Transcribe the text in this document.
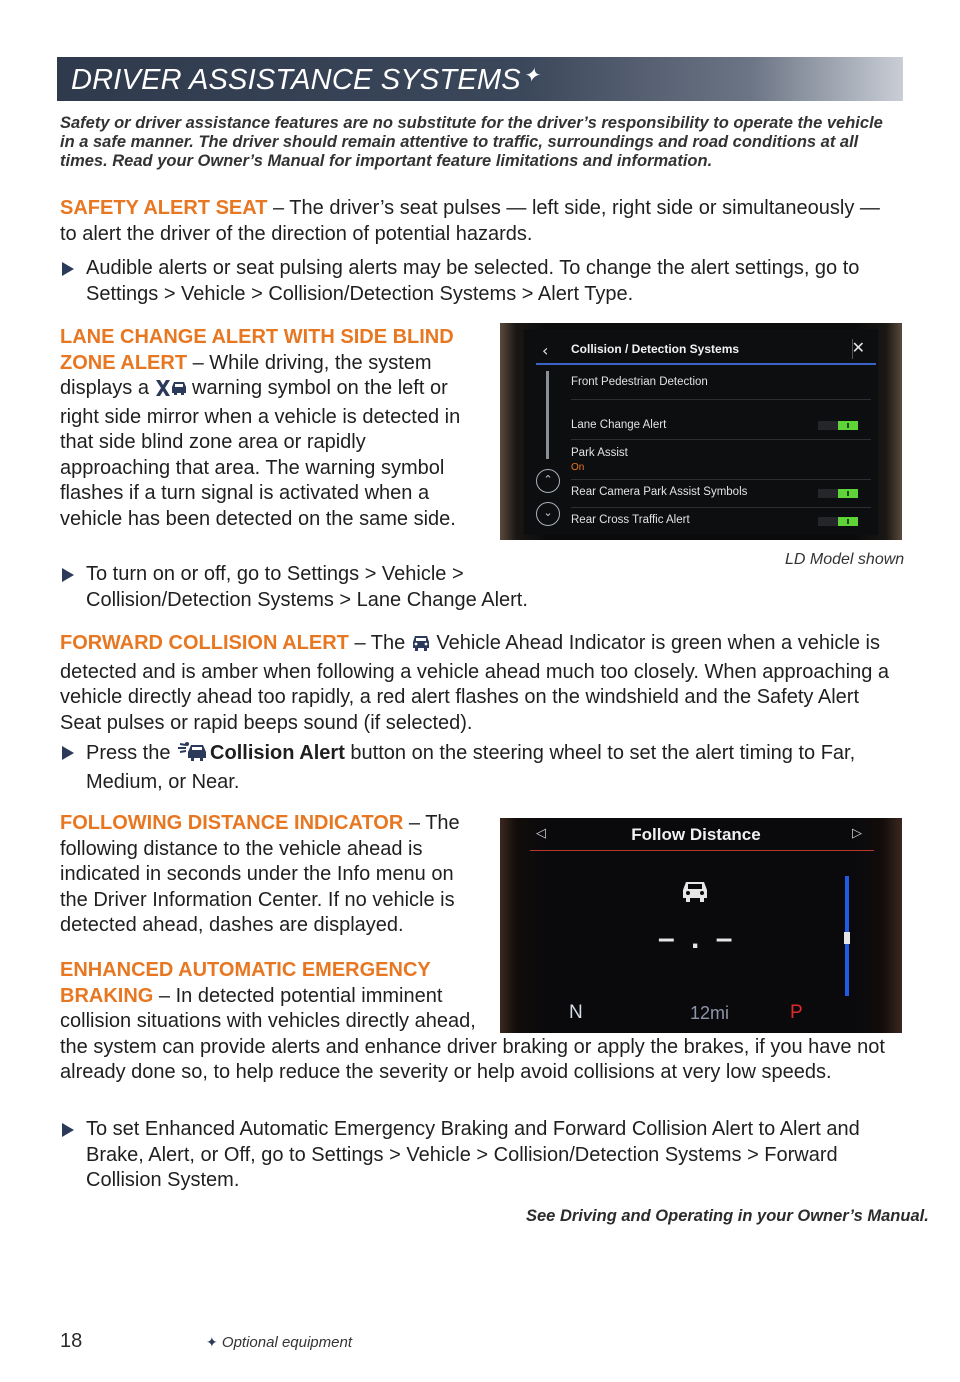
DRIVER ASSISTANCE SYSTEMS ✦
Safety or driver assistance features are no substitute for the driver’s responsibility to operate the vehicle in a safe manner. The driver should remain attentive to traffic, surroundings and road conditions at all times. Read your Owner’s Manual for important feature limitations and information.
SAFETY ALERT SEAT – The driver’s seat pulses — left side, right side or simultaneously — to alert the driver of the direction of potential hazards.
Audible alerts or seat pulsing alerts may be selected. To change the alert settings, go to Settings > Vehicle > Collision/Detection Systems > Alert Type.
LANE CHANGE ALERT WITH SIDE BLIND ZONE ALERT – While driving, the system displays a  warning symbol on the left or right side mirror when a vehicle is detected in that side blind zone area or rapidly approaching that area. The warning symbol flashes if a turn signal is activated when a vehicle has been detected on the same side.
To turn on or off, go to Settings > Vehicle > Collision/Detection Systems > Lane Change Alert.
‹ Collision / Detection Systems	✕
Front Pedestrian Detection
Lane Change Alert
Park Assist
On
⌃
Rear Camera Park Assist Symbols
⌄
Rear Cross Traffic Alert
LD Model shown
FORWARD COLLISION ALERT – The  Vehicle Ahead Indicator is green when a vehicle is detected and is amber when following a vehicle ahead much too closely. When approaching a vehicle directly ahead too rapidly, a red alert flashes on the windshield and the Safety Alert Seat pulses or rapid beeps sound (if selected).
Press the Collision Alert button on the steering wheel to set the alert timing to Far, Medium, or Near.
FOLLOWING DISTANCE INDICATOR – The following distance to the vehicle ahead is indicated in seconds under the Info menu on the Driver Information Center. If no vehicle is detected ahead, dashes are displayed.
◁	Follow Distance	▷
– . –
N	12mi	P
ENHANCED AUTOMATIC EMERGENCY BRAKING – In detected potential imminent collision situations with vehicles directly ahead, the system can provide alerts and enhance driver braking or apply the brakes, if you have not already done so, to help reduce the severity or help avoid collisions at very low speeds.
To set Enhanced Automatic Emergency Braking and Forward Collision Alert to Alert and Brake, Alert, or Off, go to Settings > Vehicle > Collision/Detection Systems > Forward Collision System.
See Driving and Operating in your Owner’s Manual.
18	✦ Optional equipment
